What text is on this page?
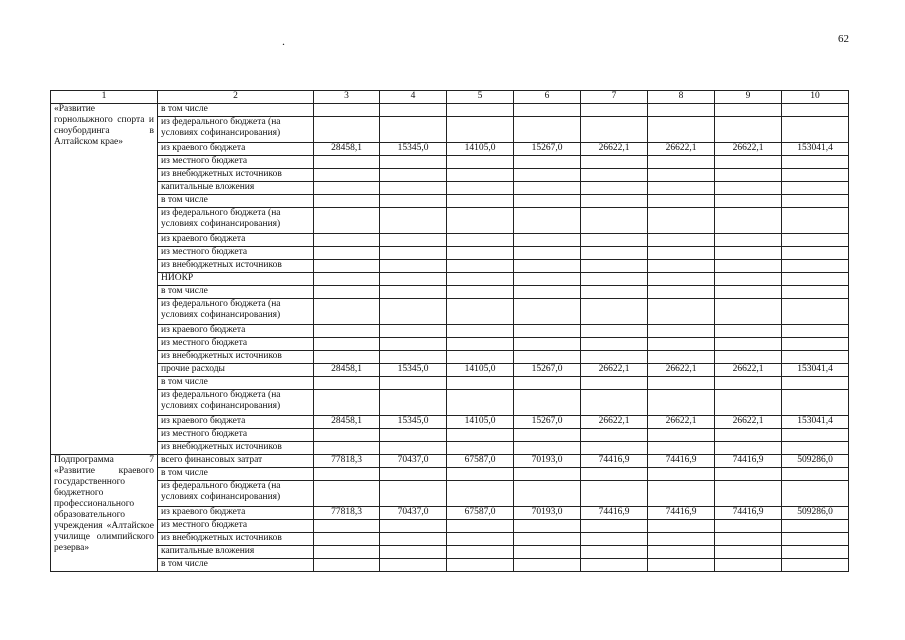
62
.
1	2	3	4	5	6	7	8	9	10
«Развитие горнолыжного спорта и сноубординга в Алтайском крае»	в том числе								
	из федерального бюджета (на условиях софинансирования)								
	из краевого бюджета	28458,1	15345,0	14105,0	15267,0	26622,1	26622,1	26622,1	153041,4
	из местного бюджета								
	из внебюджетных источников								
	капитальные вложения								
	в том числе								
	из федерального бюджета (на условиях софинансирования)								
	из краевого бюджета								
	из местного бюджета								
	из внебюджетных источников								
	НИОКР								
	в том числе								
	из федерального бюджета (на условиях софинансирования)								
	из краевого бюджета								
	из местного бюджета								
	из внебюджетных источников								
	прочие расходы	28458,1	15345,0	14105,0	15267,0	26622,1	26622,1	26622,1	153041,4
	в том числе								
	из федерального бюджета (на условиях софинансирования)								
	из краевого бюджета	28458,1	15345,0	14105,0	15267,0	26622,1	26622,1	26622,1	153041,4
	из местного бюджета								
	из внебюджетных источников								
Подпрограмма 7 «Развитие краевого государственного бюджетного профессионального образовательного учреждения «Алтайское училище олимпийского резерва»	всего финансовых затрат	77818,3	70437,0	67587,0	70193,0	74416,9	74416,9	74416,9	509286,0
	в том числе								
	из федерального бюджета (на условиях софинансирования)								
	из краевого бюджета	77818,3	70437,0	67587,0	70193,0	74416,9	74416,9	74416,9	509286,0
	из местного бюджета								
	из внебюджетных источников								
	капитальные вложения								
	в том числе								
